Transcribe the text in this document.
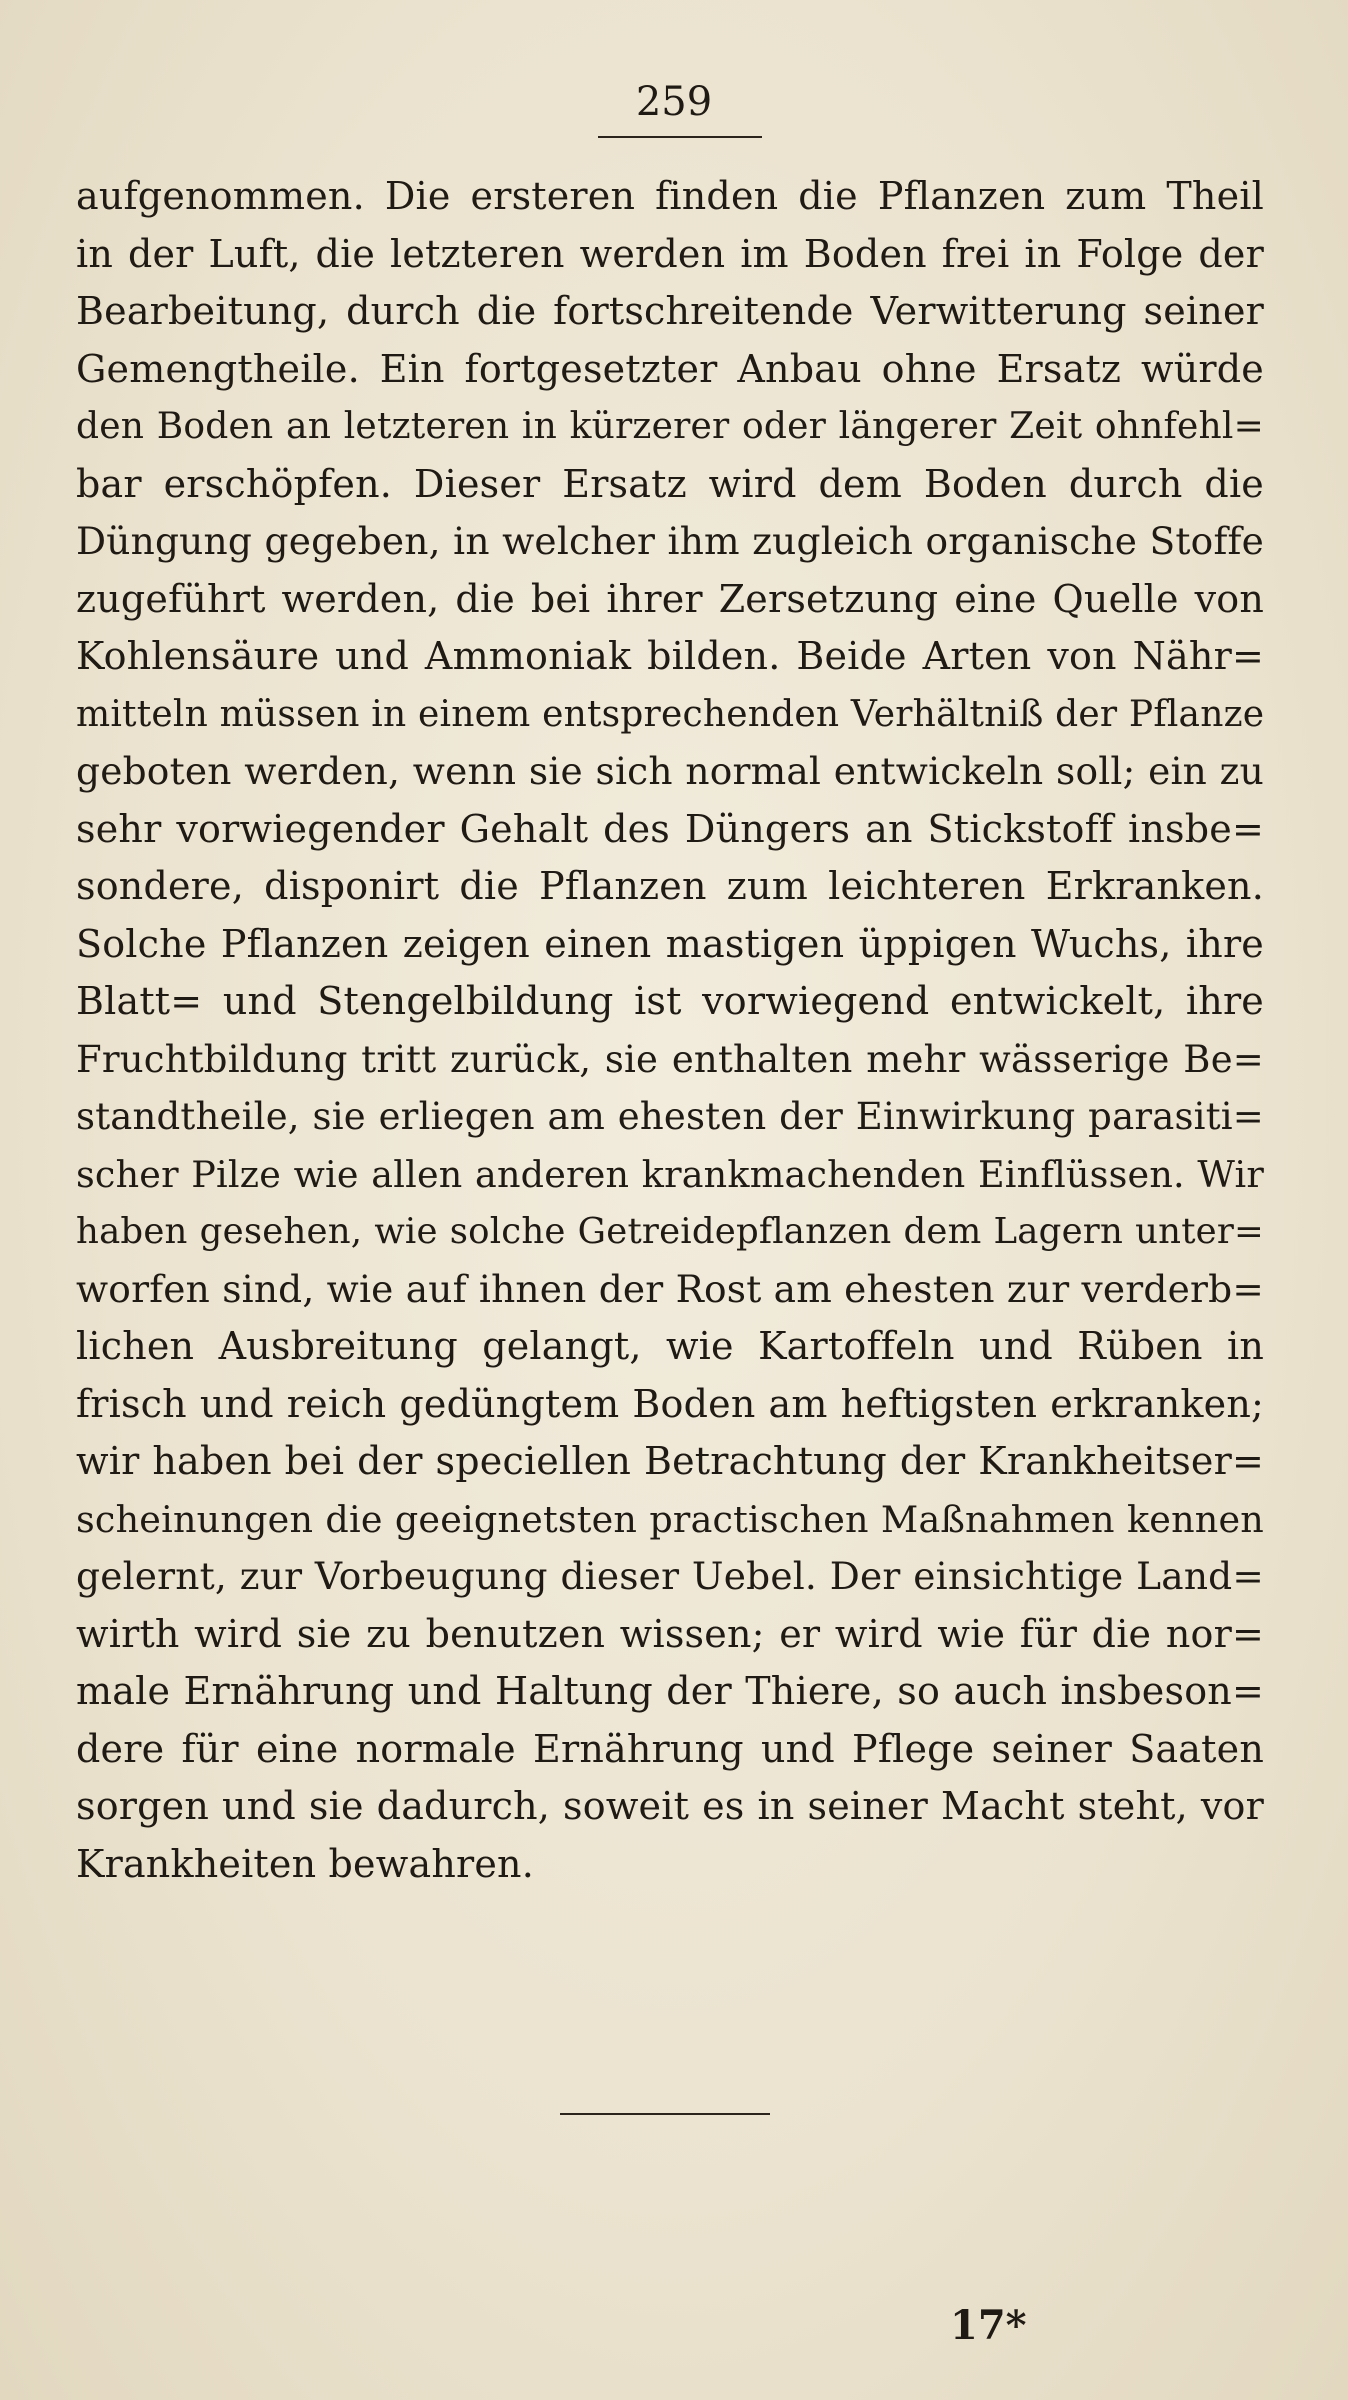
259
aufgenommen. Die ersteren finden die Pflanzen zum Theil
in der Luft, die letzteren werden im Boden frei in Folge der
Bearbeitung, durch die fortschreitende Verwitterung seiner
Gemengtheile. Ein fortgesetzter Anbau ohne Ersatz würde
den Boden an letzteren in kürzerer oder längerer Zeit ohnfehl=
bar erschöpfen. Dieser Ersatz wird dem Boden durch die
Düngung gegeben, in welcher ihm zugleich organische Stoffe
zugeführt werden, die bei ihrer Zersetzung eine Quelle von
Kohlensäure und Ammoniak bilden. Beide Arten von Nähr=
mitteln müssen in einem entsprechenden Verhältniß der Pflanze
geboten werden, wenn sie sich normal entwickeln soll; ein zu
sehr vorwiegender Gehalt des Düngers an Stickstoff insbe=
sondere, disponirt die Pflanzen zum leichteren Erkranken.
Solche Pflanzen zeigen einen mastigen üppigen Wuchs, ihre
Blatt= und Stengelbildung ist vorwiegend entwickelt, ihre
Fruchtbildung tritt zurück, sie enthalten mehr wässerige Be=
standtheile, sie erliegen am ehesten der Einwirkung parasiti=
scher Pilze wie allen anderen krankmachenden Einflüssen. Wir
haben gesehen, wie solche Getreidepflanzen dem Lagern unter=
worfen sind, wie auf ihnen der Rost am ehesten zur verderb=
lichen Ausbreitung gelangt, wie Kartoffeln und Rüben in
frisch und reich gedüngtem Boden am heftigsten erkranken;
wir haben bei der speciellen Betrachtung der Krankheitser=
scheinungen die geeignetsten practischen Maßnahmen kennen
gelernt, zur Vorbeugung dieser Uebel. Der einsichtige Land=
wirth wird sie zu benutzen wissen; er wird wie für die nor=
male Ernährung und Haltung der Thiere, so auch insbeson=
dere für eine normale Ernährung und Pflege seiner Saaten
sorgen und sie dadurch, soweit es in seiner Macht steht, vor
Krankheiten bewahren.
17*
